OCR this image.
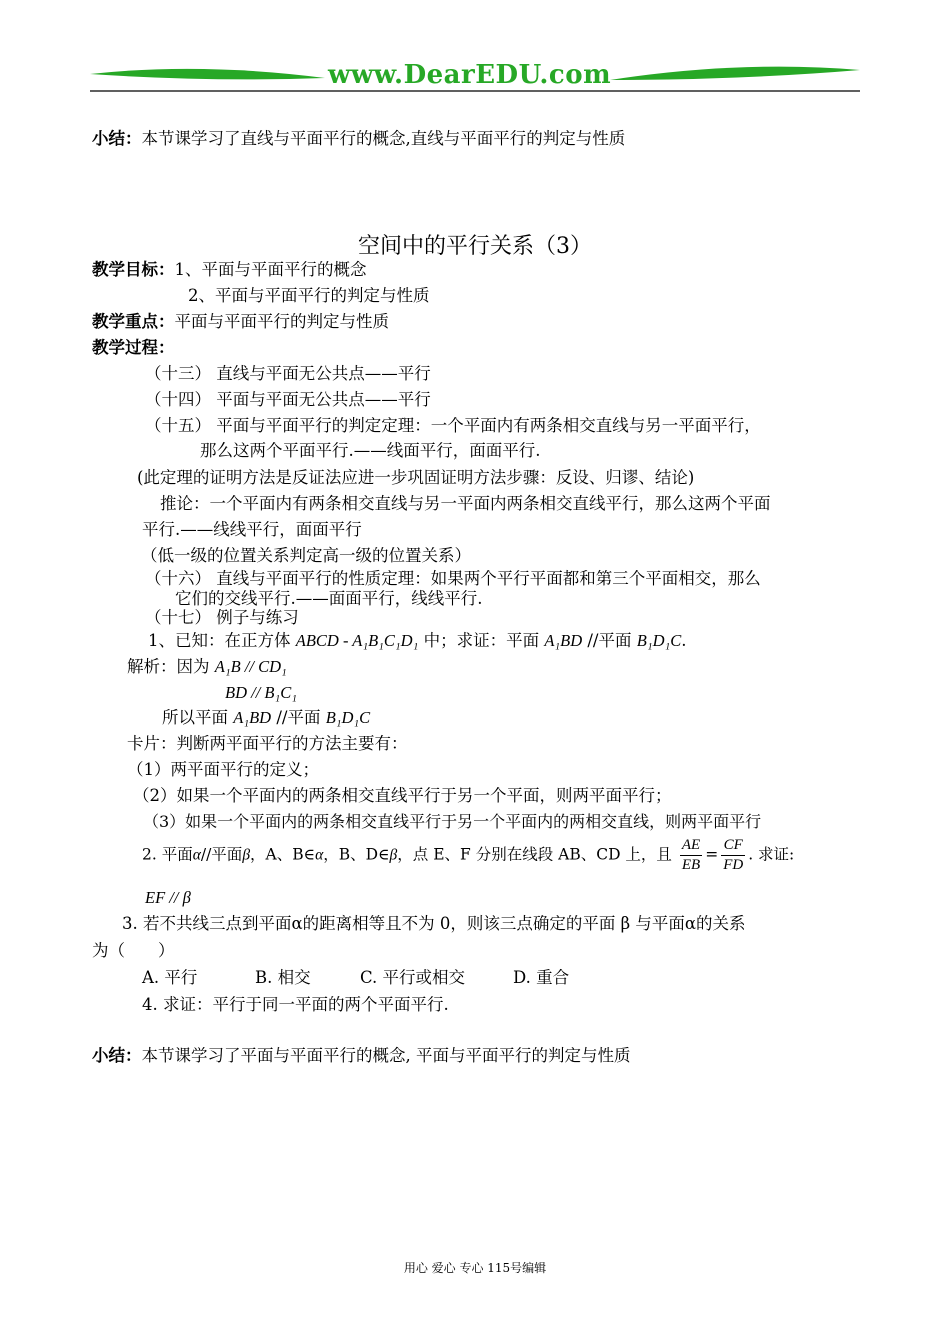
www.DearEDU.com
小结：本节课学习了直线与平面平行的概念,直线与平面平行的判定与性质
空间中的平行关系（3）
教学目标：1、平面与平面平行的概念
2、平面与平面平行的判定与性质
教学重点：平面与平面平行的判定与性质
教学过程：
（十三） 直线与平面无公共点——平行
（十四） 平面与平面无公共点——平行
（十五） 平面与平面平行的判定定理：一个平面内有两条相交直线与另一平面平行，
那么这两个平面平行.——线面平行，面面平行.
(此定理的证明方法是反证法应进一步巩固证明方法步骤：反设、归谬、结论)
推论：一个平面内有两条相交直线与另一平面内两条相交直线平行，那么这两个平面
平行.——线线平行，面面平行
（低一级的位置关系判定高一级的位置关系）
（十六） 直线与平面平行的性质定理：如果两个平行平面都和第三个平面相交，那么
它们的交线平行.——面面平行，线线平行.
（十七） 例子与练习
1、已知：在正方体 ABCD - A₁B₁C₁D₁ 中；求证：平面 A₁BD //平面 B₁D₁C.
解析：因为 A₁B // CD₁
BD // B₁C₁
所以平面 A₁BD //平面 B₁D₁C
卡片：判断两平面平行的方法主要有：
（1）两平面平行的定义；
（2）如果一个平面内的两条相交直线平行于另一个平面，则两平面平行；
（3）如果一个平面内的两条相交直线平行于另一个平面内的两相交直线，则两平面平行
2. 平面α//平面β，A、B∈α，B、D∈β，点 E、F 分别在线段 AB、CD 上，且 $\frac{AE}{EB} = \frac{CF}{FD}$ . 求证:
EF // β
3. 若不共线三点到平面α的距离相等且不为 0，则该三点确定的平面 β 与平面α的关系
为（　　）
A. 平行	B. 相交	C. 平行或相交	D. 重合
4. 求证：平行于同一平面的两个平面平行.
小结：本节课学习了平面与平面平行的概念, 平面与平面平行的判定与性质
用心 爱心 专心 115号编辑
